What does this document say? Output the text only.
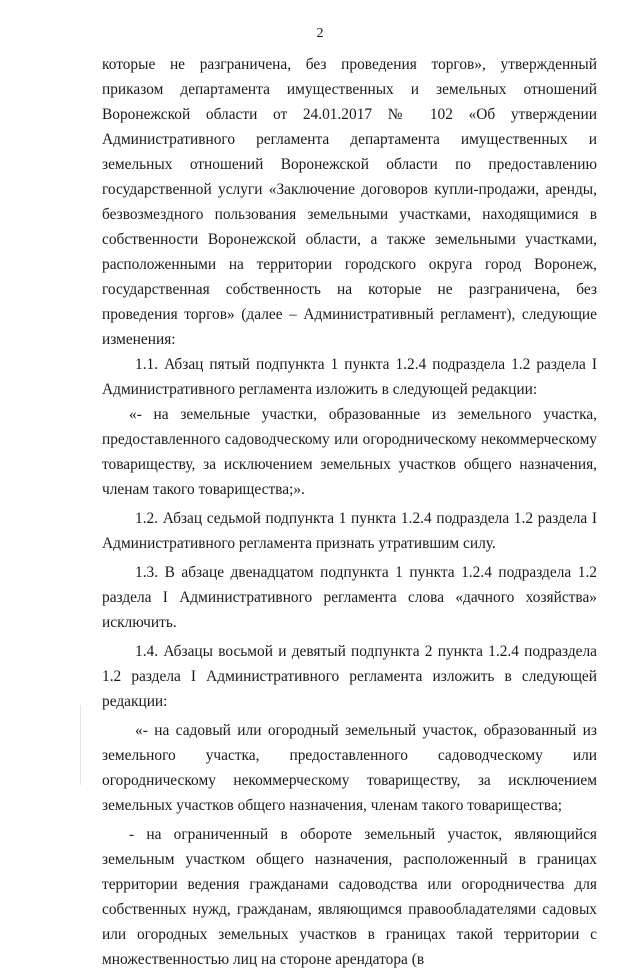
2

которые не разграничена, без проведения торгов», утвержденный приказом департамента имущественных и земельных отношений Воронежской области от 24.01.2017 № 102 «Об утверждении Административного регламента департамента имущественных и земельных отношений Воронежской области по предоставлению государственной услуги «Заключение договоров купли-продажи, аренды, безвозмездного пользования земельными участками, находящимися в собственности Воронежской области, а также земельными участками, расположенными на территории городского округа город Воронеж, государственная собственность на которые не разграничена, без проведения торгов» (далее – Административный регламент), следующие изменения:

1.1. Абзац пятый подпункта 1 пункта 1.2.4 подраздела 1.2 раздела I Административного регламента изложить в следующей редакции:

«- на земельные участки, образованные из земельного участка, предоставленного садоводческому или огородническому некоммерческому товариществу, за исключением земельных участков общего назначения, членам такого товарищества;».

1.2. Абзац седьмой подпункта 1 пункта 1.2.4 подраздела 1.2 раздела I Административного регламента признать утратившим силу.

1.3. В абзаце двенадцатом подпункта 1 пункта 1.2.4 подраздела 1.2 раздела I Административного регламента слова «дачного хозяйства» исключить.

1.4. Абзацы восьмой и девятый подпункта 2 пункта 1.2.4 подраздела 1.2 раздела I Административного регламента изложить в следующей редакции:

«- на садовый или огородный земельный участок, образованный из земельного участка, предоставленного садоводческому или огородническому некоммерческому товариществу, за исключением земельных участков общего назначения, членам такого товарищества;

- на ограниченный в обороте земельный участок, являющийся земельным участком общего назначения, расположенный в границах территории ведения гражданами садоводства или огородничества для собственных нужд, гражданам, являющимся правообладателями садовых или огородных земельных участков в границах такой территории с множественностью лиц на стороне арендатора (в
